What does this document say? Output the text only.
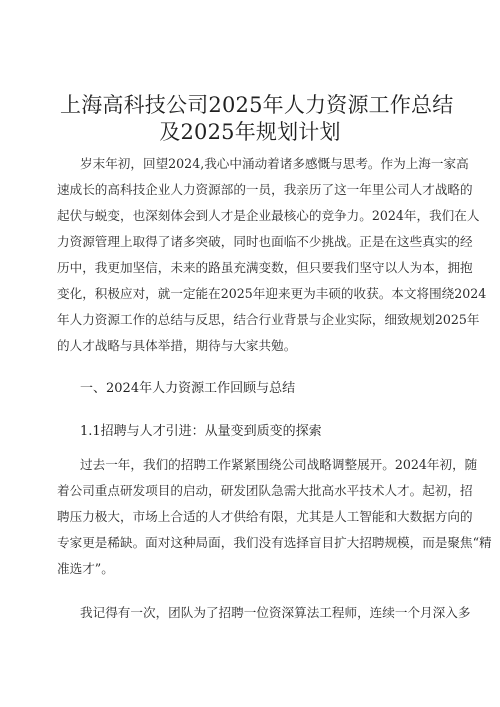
上海高科技公司2025年人力资源工作总结
及2025年规划计划
岁末年初，回望2024,我心中涌动着诸多感慨与思考。作为上海一家高
速成长的高科技企业人力资源部的一员，我亲历了这一年里公司人才战略的
起伏与蜕变，也深刻体会到人才是企业最核心的竞争力。2024年，我们在人
力资源管理上取得了诸多突破，同时也面临不少挑战。正是在这些真实的经
历中，我更加坚信，未来的路虽充满变数，但只要我们坚守以人为本，拥抱
变化，积极应对，就一定能在2025年迎来更为丰硕的收获。本文将围绕2024
年人力资源工作的总结与反思，结合行业背景与企业实际，细致规划2025年
的人才战略与具体举措，期待与大家共勉。
一、2024年人力资源工作回顾与总结
1.1招聘与人才引进：从量变到质变的探索
过去一年，我们的招聘工作紧紧围绕公司战略调整展开。2024年初，随
着公司重点研发项目的启动，研发团队急需大批高水平技术人才。起初，招
聘压力极大，市场上合适的人才供给有限，尤其是人工智能和大数据方向的
专家更是稀缺。面对这种局面，我们没有选择盲目扩大招聘规模，而是聚焦“精
准选才”。
我记得有一次，团队为了招聘一位资深算法工程师，连续一个月深入多
